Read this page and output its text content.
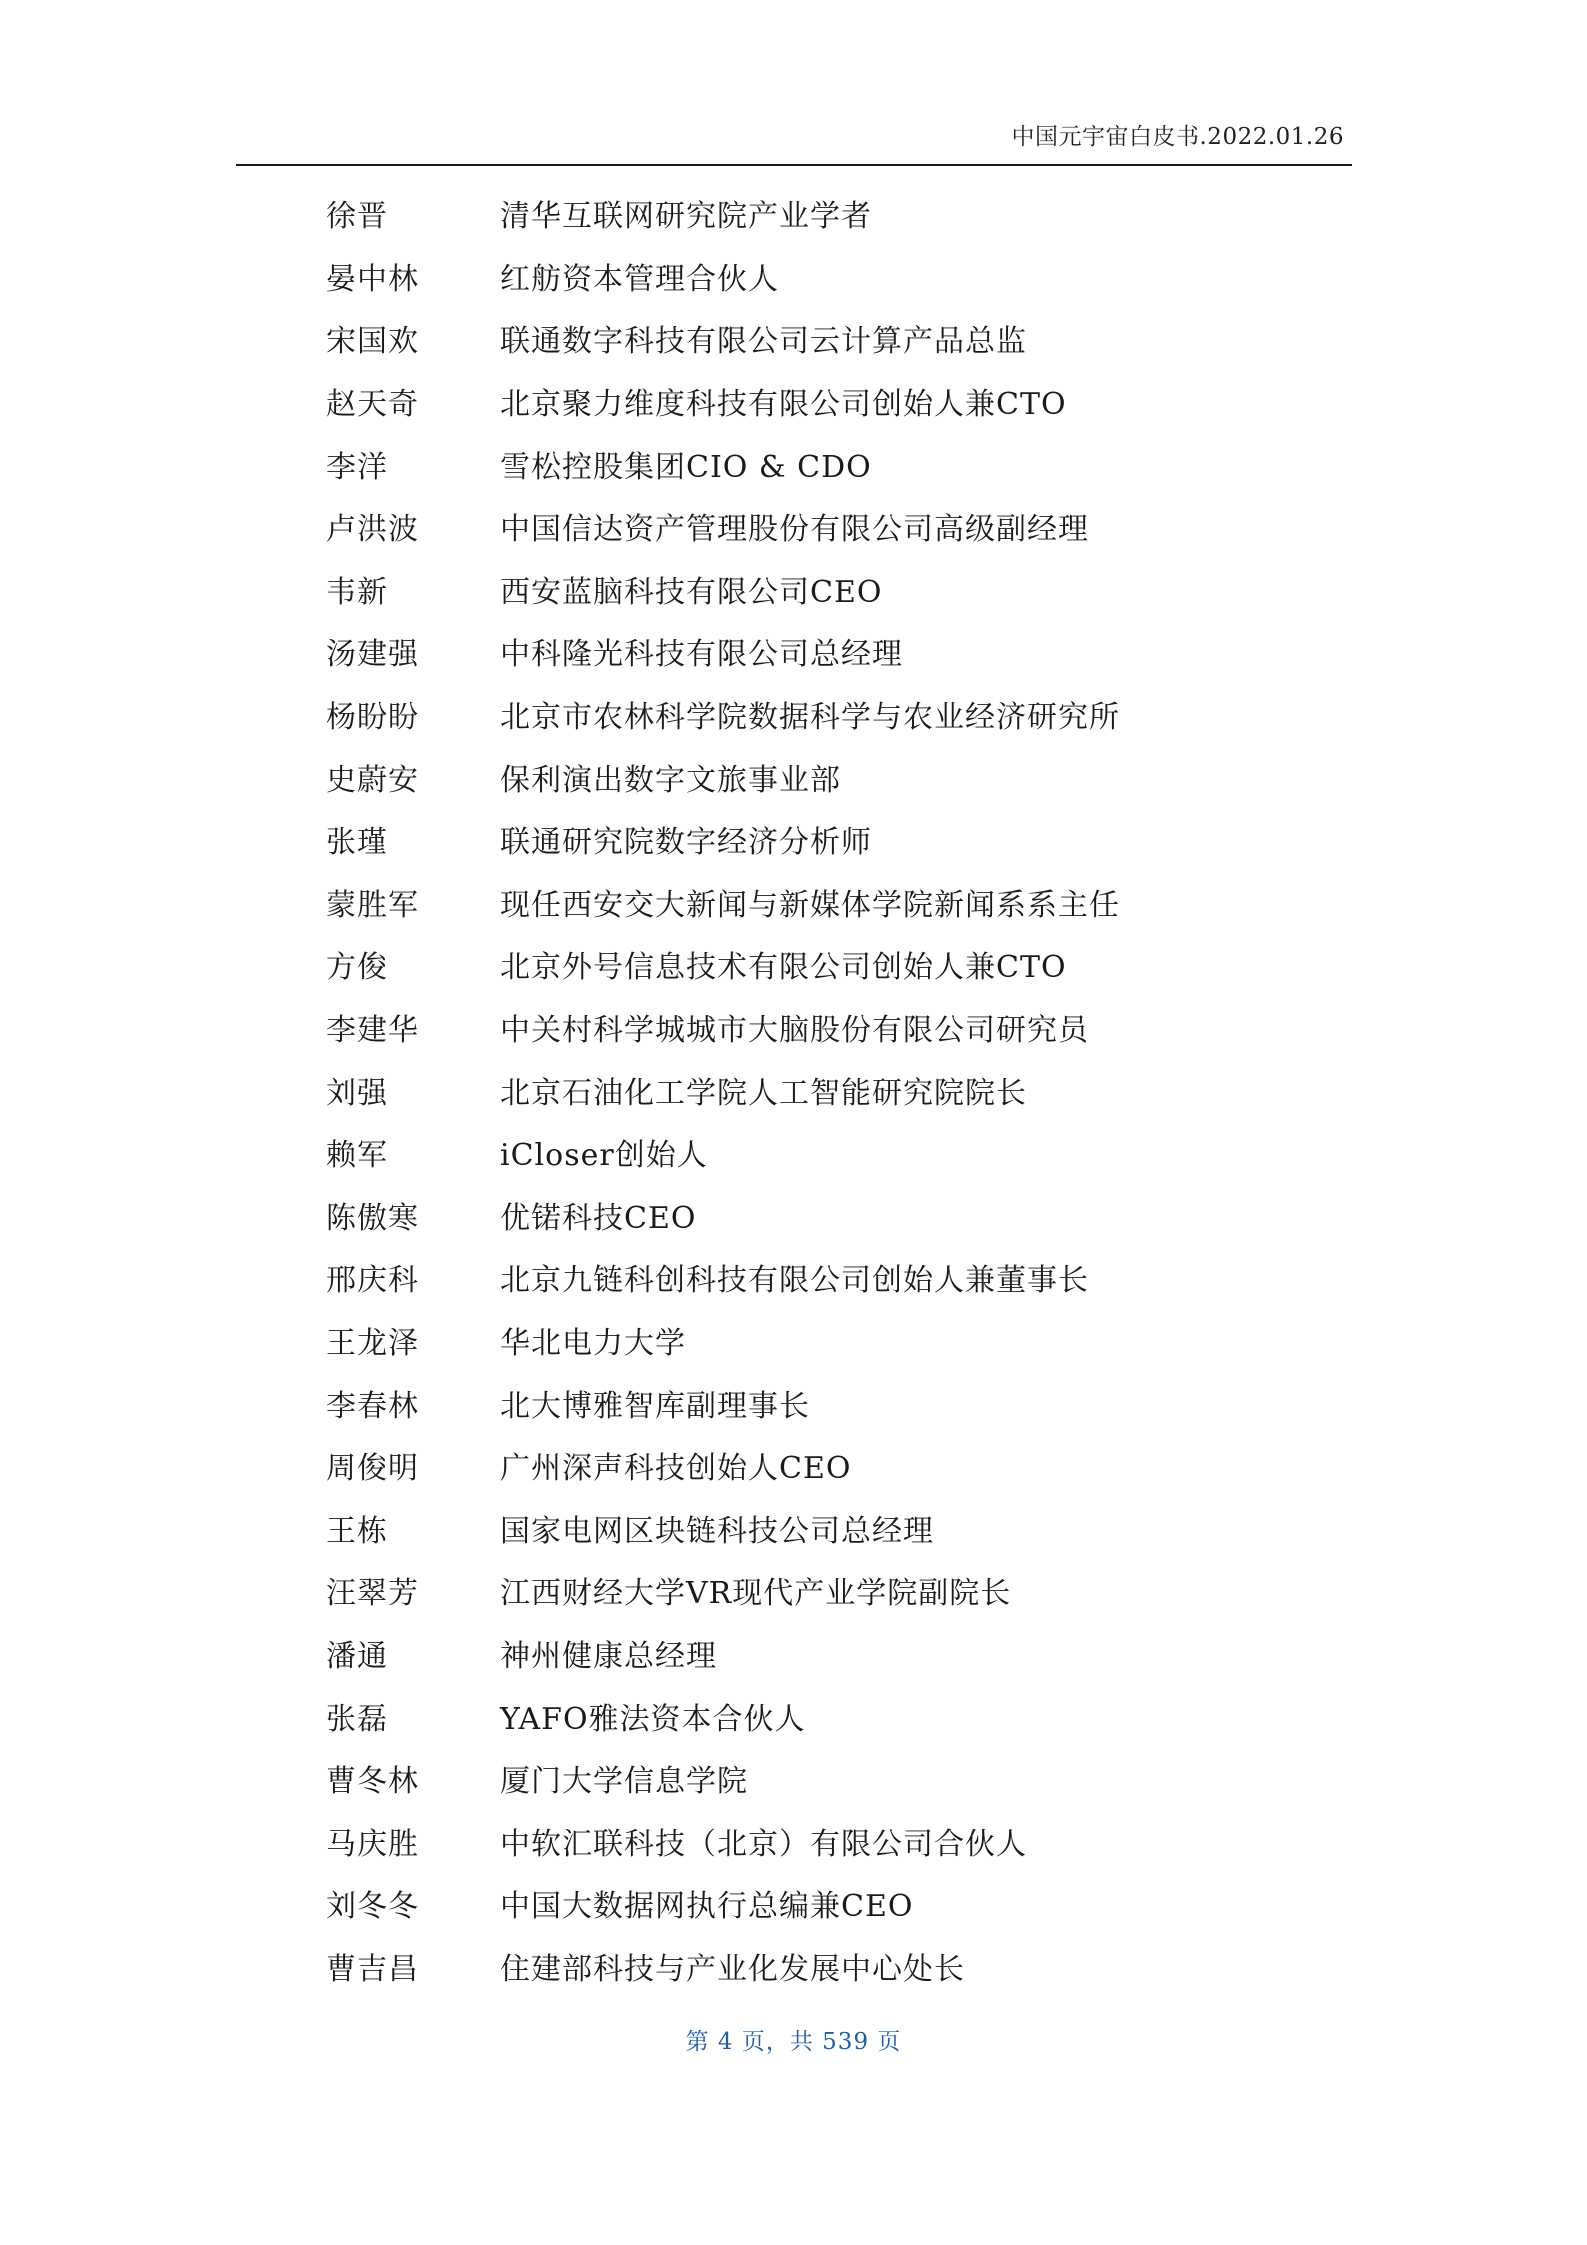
中国元宇宙白皮书.2022.01.26
徐晋	清华互联网研究院产业学者
晏中林	红舫资本管理合伙人
宋国欢	联通数字科技有限公司云计算产品总监
赵天奇	北京聚力维度科技有限公司创始人兼CTO
李洋	雪松控股集团CIO & CDO
卢洪波	中国信达资产管理股份有限公司高级副经理
韦新	西安蓝脑科技有限公司CEO
汤建强	中科隆光科技有限公司总经理
杨盼盼	北京市农林科学院数据科学与农业经济研究所
史蔚安	保利演出数字文旅事业部
张瑾	联通研究院数字经济分析师
蒙胜军	现任西安交大新闻与新媒体学院新闻系系主任
方俊	北京外号信息技术有限公司创始人兼CTO
李建华	中关村科学城城市大脑股份有限公司研究员
刘强	北京石油化工学院人工智能研究院院长
赖军	iCloser创始人
陈傲寒	优锘科技CEO
邢庆科	北京九链科创科技有限公司创始人兼董事长
王龙泽	华北电力大学
李春林	北大博雅智库副理事长
周俊明	广州深声科技创始人CEO
王栋	国家电网区块链科技公司总经理
汪翠芳	江西财经大学VR现代产业学院副院长
潘通	神州健康总经理
张磊	YAFO雅法资本合伙人
曹冬林	厦门大学信息学院
马庆胜	中软汇联科技（北京）有限公司合伙人
刘冬冬	中国大数据网执行总编兼CEO
曹吉昌	住建部科技与产业化发展中心处长
第 4 页，共 539 页
